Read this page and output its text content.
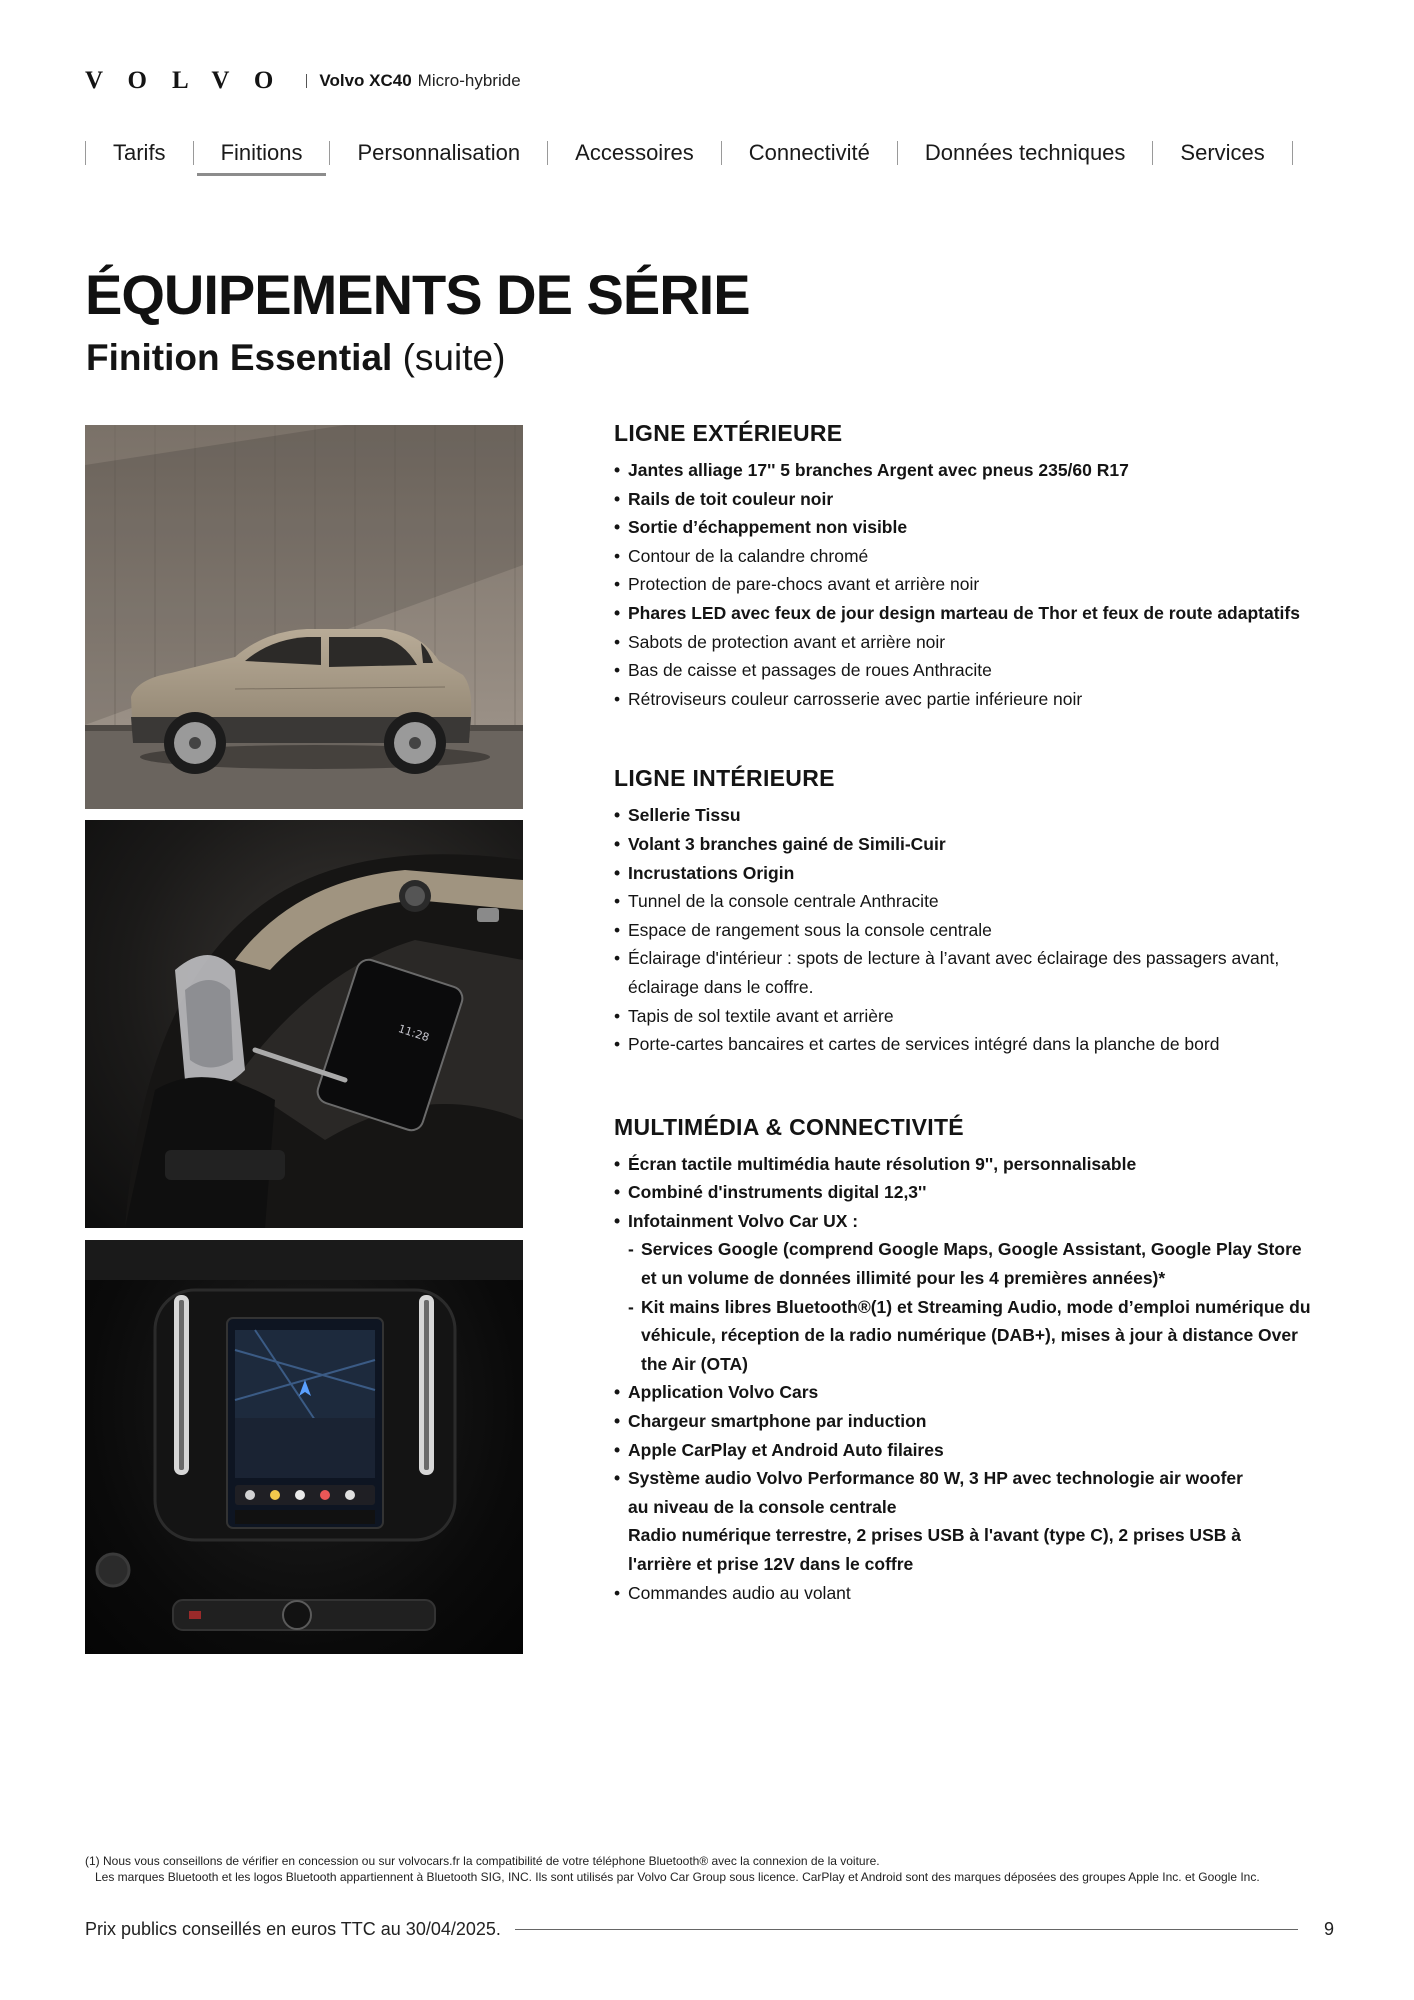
VOLVO Volvo XC40 Micro-hybride
Tarifs	Finitions	Personnalisation	Accessoires	Connectivité	Données techniques	Services
ÉQUIPEMENTS DE SÉRIE
Finition Essential (suite)
11:28
LIGNE EXTÉRIEURE
• Jantes alliage 17'' 5 branches Argent avec pneus 235/60 R17
• Rails de toit couleur noir
• Sortie d’échappement non visible
• Contour de la calandre chromé
• Protection de pare-chocs avant et arrière noir
• Phares LED avec feux de jour design marteau de Thor et feux de route adaptatifs
• Sabots de protection avant et arrière noir
• Bas de caisse et passages de roues Anthracite
• Rétroviseurs couleur carrosserie avec partie inférieure noir
LIGNE INTÉRIEURE
• Sellerie Tissu
• Volant 3 branches gainé de Simili-Cuir
• Incrustations Origin
• Tunnel de la console centrale Anthracite
• Espace de rangement sous la console centrale
• Éclairage d'intérieur : spots de lecture à l’avant avec éclairage des passagers avant,
éclairage dans le coffre.
• Tapis de sol textile avant et arrière
• Porte-cartes bancaires et cartes de services intégré dans la planche de bord
MULTIMÉDIA & CONNECTIVITÉ
• Écran tactile multimédia haute résolution 9'', personnalisable
• Combiné d'instruments digital 12,3''
• Infotainment Volvo Car UX :
- Services Google (comprend Google Maps, Google Assistant, Google Play Store
et un volume de données illimité pour les 4 premières années)*
- Kit mains libres Bluetooth®(1) et Streaming Audio, mode d’emploi numérique du
véhicule, réception de la radio numérique (DAB+), mises à jour à distance Over
the Air (OTA)
• Application Volvo Cars
• Chargeur smartphone par induction
• Apple CarPlay et Android Auto filaires
• Système audio Volvo Performance 80 W, 3 HP avec technologie air woofer
au niveau de la console centrale
Radio numérique terrestre, 2 prises USB à l'avant (type C), 2 prises USB à
l'arrière et prise 12V dans le coffre
• Commandes audio au volant
(1) Nous vous conseillons de vérifier en concession ou sur volvocars.fr la compatibilité de votre téléphone Bluetooth® avec la connexion de la voiture.
Les marques Bluetooth et les logos Bluetooth appartiennent à Bluetooth SIG, INC. Ils sont utilisés par Volvo Car Group sous licence. CarPlay et Android sont des marques déposées des groupes Apple Inc. et Google Inc.
Prix publics conseillés en euros TTC au 30/04/2025.	9
